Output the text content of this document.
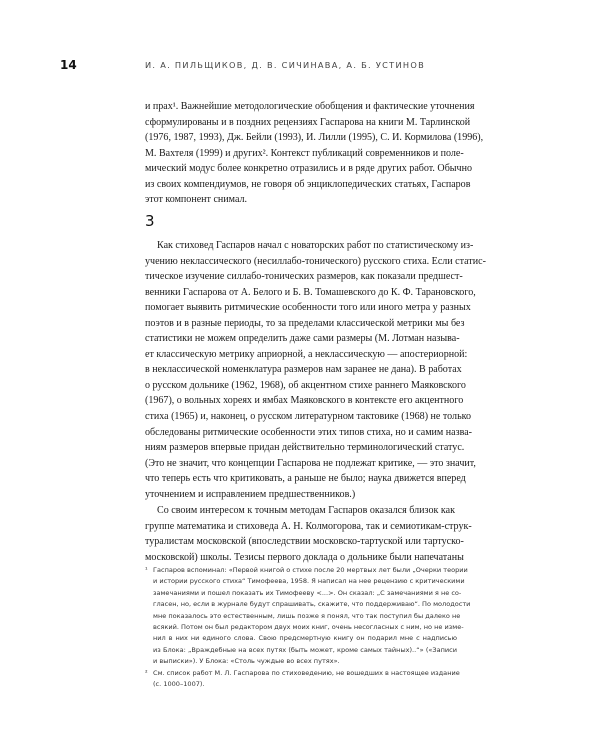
14	И. А. ПИЛЬЩИКОВ, Д. В. СИЧИНАВА, А. Б. УСТИНОВ
и прах¹. Важнейшие методологические обобщения и фактические уточнения
сформулированы и в поздних рецензиях Гаспарова на книги М. Тарлинской
(1976, 1987, 1993), Дж. Бейли (1993), И. Лилли (1995), С. И. Кормилова (1996),
М. Вахтеля (1999) и других². Контекст публикаций современников и поле-
мический модус более конкретно отразились и в ряде других работ. Обычно
из своих компендиумов, не говоря об энциклопедических статьях, Гаспаров
этот компонент снимал.
3
Как стиховед Гаспаров начал с новаторских работ по статистическому из-
учению некласcического (несиллабо-тонического) русского стиха. Если статис-
тическое изучение силлабо-тонических размеров, как показали предшест-
венники Гаспарова от А. Белого и Б. В. Томашевского до К. Ф. Тарановского,
помогает выявить ритмические особенности того или иного метра у разных
поэтов и в разные периоды, то за пределами классической метрики мы без
статистики не можем определить даже сами размеры (М. Лотман называ-
ет классическую метрику априорной, а неклассическую — апостериорной:
в неклассической номенклатура размеров нам заранее не дана). В работах
о русском дольнике (1962, 1968), об акцентном стихе раннего Маяковского
(1967), о вольных хореях и ямбах Маяковского в контексте его акцентного
стиха (1965) и, наконец, о русском литературном тактовике (1968) не только
обследованы ритмические особенности этих типов стиха, но и самим назва-
ниям размеров впервые придан действительно терминологический статус.
(Это не значит, что концепции Гаспарова не подлежат критике, — это значит,
что теперь есть что критиковать, а раньше не было; наука движется вперед
уточнением и исправлением предшественников.)
Со своим интересом к точным методам Гаспаров оказался близок как
группе математика и стиховеда А. Н. Колмогорова, так и семиотикам-струк-
туралистам московской (впоследствии московско-тартуской или тартуско-
московской) школы. Тезисы первого доклада о дольнике были напечатаны
¹ Гаспаров вспоминал: «Первой книгой о стихе после 20 мертвых лет были „Очерки теории
и истории русского стиха“ Тимофеева, 1958. Я написал на нее рецензию с критическими
замечаниями и пошел показать их Тимофееву <...>. Он сказал: „С замечаниями я не со-
гласен, но, если в журнале будут спрашивать, скажите, что поддерживаю“. По молодости
мне показалось это естественным, лишь позже я понял, что так поступил бы далеко не
всякий. Потом он был редактором двух моих книг, очень несогласных с ним, но не изме-
нил в них ни единого слова. Свою предсмертную книгу он подарил мне с надписью
из Блока: „Враждебные на всех путях (быть может, кроме самых тайных)..“» («Записи
и выписки»). У Блока: «Столь чуждые во всех путях».
² См. список работ М. Л. Гаспарова по стиховедению, не вошедших в настоящее издание
(с. 1000–1007).
